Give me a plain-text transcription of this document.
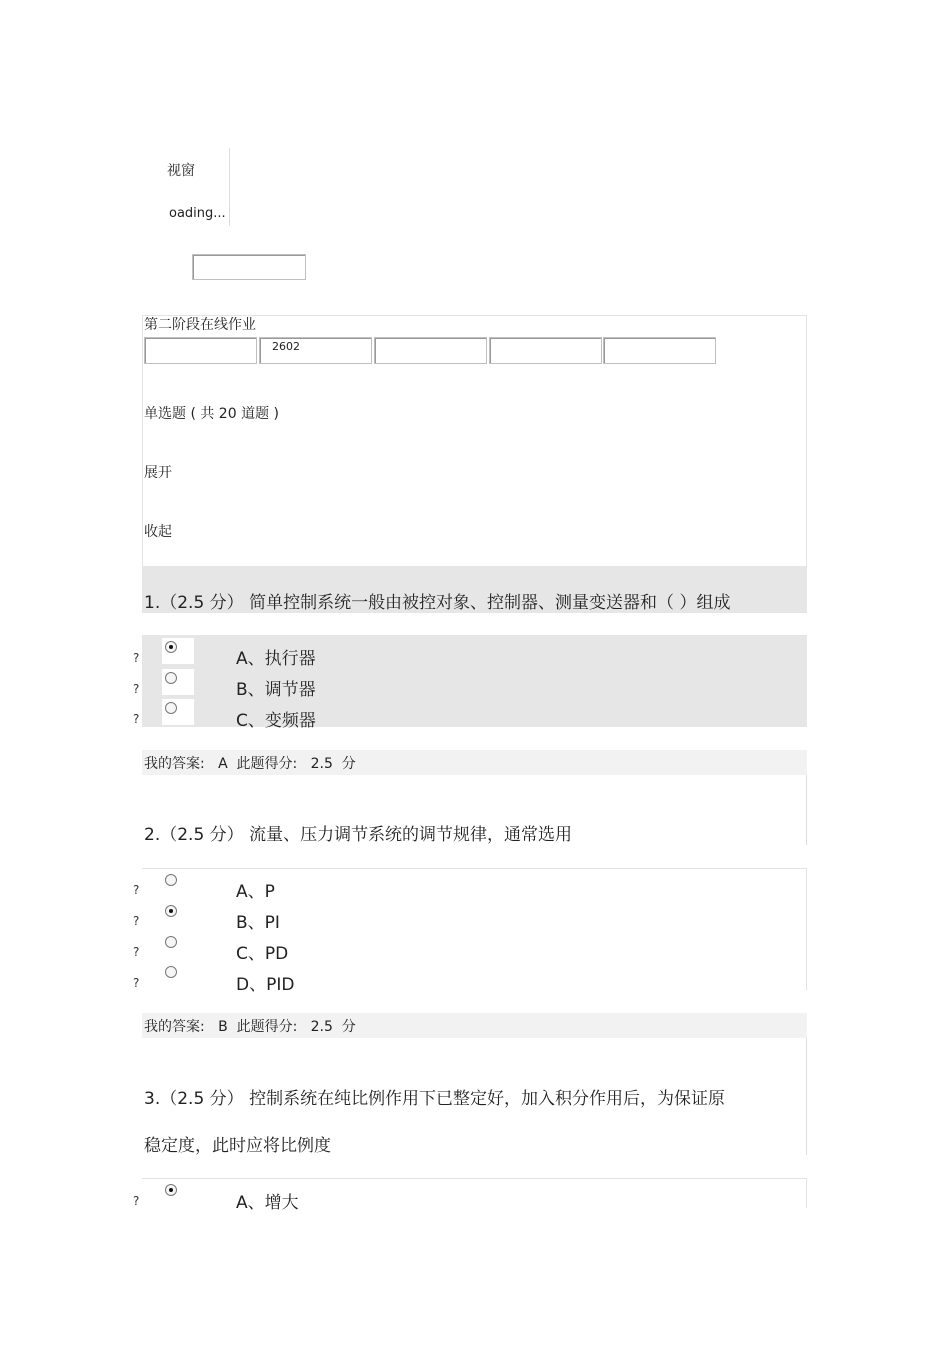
视窗
oading...
第二阶段在线作业
2602
单选题 ( 共 20 道题 )
展开
收起
1.（2.5 分） 简单控制系统一般由被控对象、控制器、测量变送器和（ ）组成
?	A、执行器
?	B、调节器
?	C、变频器
我的答案:   A  此题得分:   2.5  分
2.（2.5 分） 流量、压力调节系统的调节规律，通常选用
?	A、P
?	B、PI
?	C、PD
?	D、PID
我的答案:   B  此题得分:   2.5  分
3.（2.5 分） 控制系统在纯比例作用下已整定好，加入积分作用后，为保证原
稳定度，此时应将比例度
?	A、增大
